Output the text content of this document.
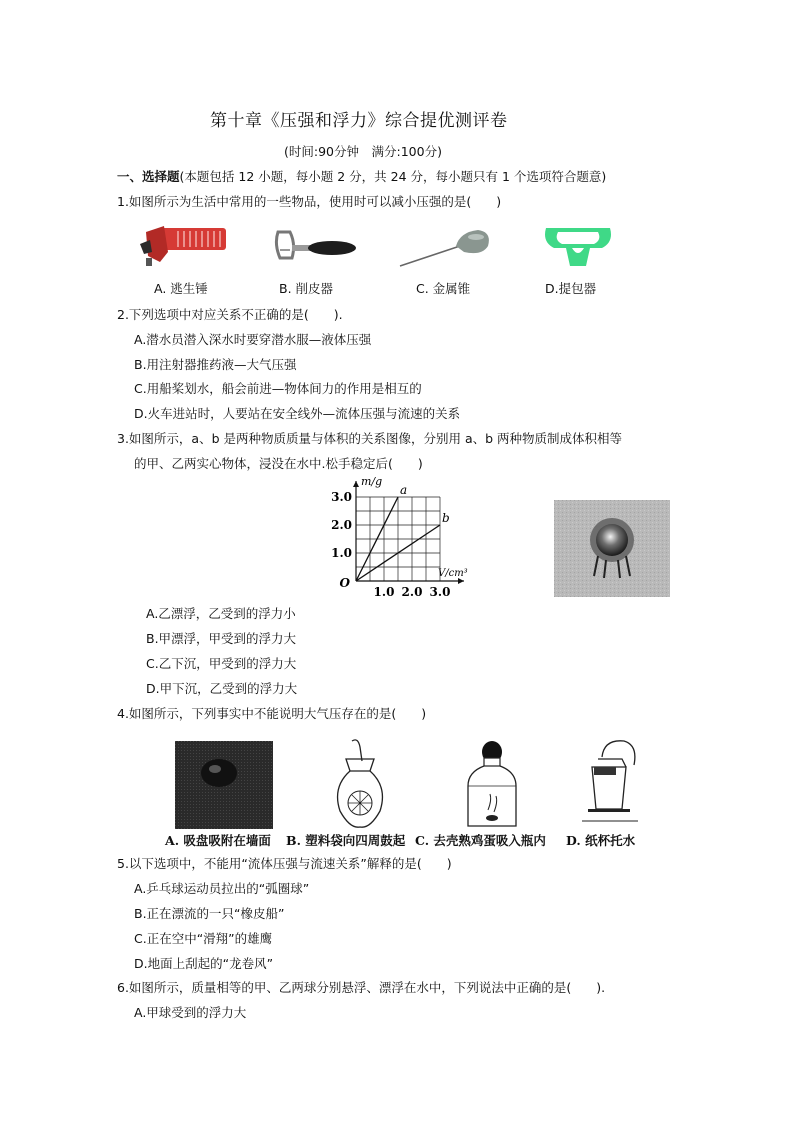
第十章《压强和浮力》综合提优测评卷
(时间:90分钟　满分:100分)
一、选择题(本题包括 12 小题，每小题 2 分，共 24 分，每小题只有 1 个选项符合题意)
1.如图所示为生活中常用的一些物品，使用时可以减小压强的是(　　)
A. 逃生锤	B. 削皮器	C. 金属锥	D.提包器
2.下列选项中对应关系不正确的是(　　).
A.潜水员潜入深水时要穿潜水服—液体压强
B.用注射器推药液—大气压强
C.用船桨划水，船会前进—物体间力的作用是相互的
D.火车进站时，人要站在安全线外—流体压强与流速的关系
3.如图所示，a、b 是两种物质质量与体积的关系图像，分别用 a、b 两种物质制成体积相等
的甲、乙两实心物体，浸没在水中.松手稳定后(　　)
a
b
1.0 2.0 3.0
1.0
2.0
3.0
O
m/g
V/cm³
A.乙漂浮，乙受到的浮力小
B.甲漂浮，甲受到的浮力大
C.乙下沉，甲受到的浮力大
D.甲下沉，乙受到的浮力大
4.如图所示，下列事实中不能说明大气压存在的是(　　)
A. 吸盘吸附在墙面 B. 塑料袋向四周鼓起 C. 去壳熟鸡蛋吸入瓶内 D. 纸杯托水
5.以下选项中，不能用“流体压强与流速关系”解释的是(　　)
A.乒乓球运动员拉出的“弧圈球”
B.正在漂流的一只“橡皮船”
C.正在空中“滑翔”的雄鹰
D.地面上刮起的“龙卷风”
6.如图所示，质量相等的甲、乙两球分别悬浮、漂浮在水中，下列说法中正确的是(　　).
A.甲球受到的浮力大
